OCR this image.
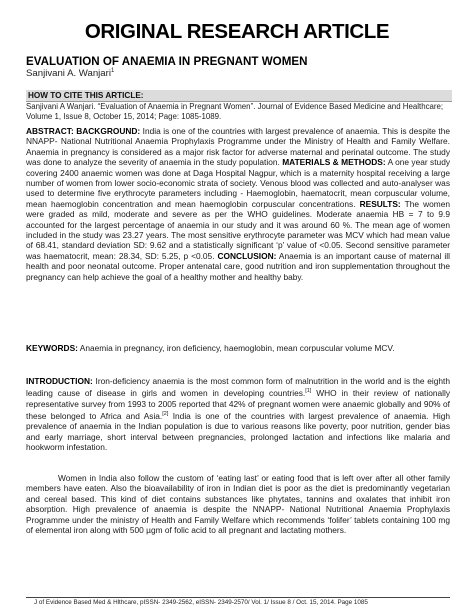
ORIGINAL RESEARCH ARTICLE
EVALUATION OF ANAEMIA IN PREGNANT WOMEN
Sanjivani A. Wanjari$^1$
HOW TO CITE THIS ARTICLE:
Sanjivani A Wanjari. “Evaluation of Anaemia in Pregnant Women”. Journal of Evidence Based Medicine and Healthcare; Volume 1, Issue 8, October 15, 2014; Page: 1085-1089.
ABSTRACT: BACKGROUND: India is one of the countries with largest prevalence of anaemia. This is despite the NNAPP- National Nutritional Anaemia Prophylaxis Programme under the Ministry of Health and Family Welfare. Anaemia in pregnancy is considered as a major risk factor for adverse maternal and perinatal outcome. The study was done to analyze the severity of anaemia in the study population. MATERIALS & METHODS: A one year study covering 2400 anaemic women was done at Daga Hospital Nagpur, which is a maternity hospital receiving a large number of women from lower socio-economic strata of society. Venous blood was collected and auto-analyser was used to determine five erythrocyte parameters including - Haemoglobin, haematocrit, mean corpuscular volume, mean haemoglobin concentration and mean haemoglobin corpuscular concentrations. RESULTS: The women were graded as mild, moderate and severe as per the WHO guidelines. Moderate anaemia HB = 7 to 9.9 accounted for the largest percentage of anaemia in our study and it was around 60 %. The mean age of women included in the study was 23.27 years. The most sensitive erythrocyte parameter was MCV which had mean value of 68.41, standard deviation SD: 9.62 and a statistically significant ‘p’ value of <0.05. Second sensitive parameter was haematocrit, mean: 28.34, SD: 5.25, p <0.05. CONCLUSION: Anaemia is an important cause of maternal ill health and poor neonatal outcome. Proper antenatal care, good nutrition and iron supplementation throughout the pregnancy can help achieve the goal of a healthy mother and healthy baby.
KEYWORDS: Anaemia in pregnancy, iron deficiency, haemoglobin, mean corpuscular volume MCV.
INTRODUCTION: Iron-deficiency anaemia is the most common form of malnutrition in the world and is the eighth leading cause of disease in girls and women in developing countries.[1] WHO in their review of nationally representative survey from 1993 to 2005 reported that 42% of pregnant women were anaemic globally and 90% of these belonged to Africa and Asia.[2] India is one of the countries with largest prevalence of anaemia. High prevalence of anaemia in the Indian population is due to various reasons like poverty, poor nutrition, gender bias and early marriage, short interval between pregnancies, prolonged lactation and infections like malaria and hookworm infestation.
Women in India also follow the custom of ‘eating last’ or eating food that is left over after all other family members have eaten. Also the bioavailability of iron in Indian diet is poor as the diet is predominantly vegetarian and cereal based. This kind of diet contains substances like phytates, tannins and oxalates that inhibit iron absorption. High prevalence of anaemia is despite the NNAPP- National Nutritional Anaemia Prophylaxis Programme under the ministry of Health and Family Welfare which recommends ‘folifer’ tablets containing 100 mg of elemental iron along with 500 µgm of folic acid to all pregnant and lactating mothers.
J of Evidence Based Med & Hlthcare, pISSN- 2349-2562, eISSN- 2349-2570/ Vol. 1/ Issue 8 / Oct. 15, 2014. Page 1085
